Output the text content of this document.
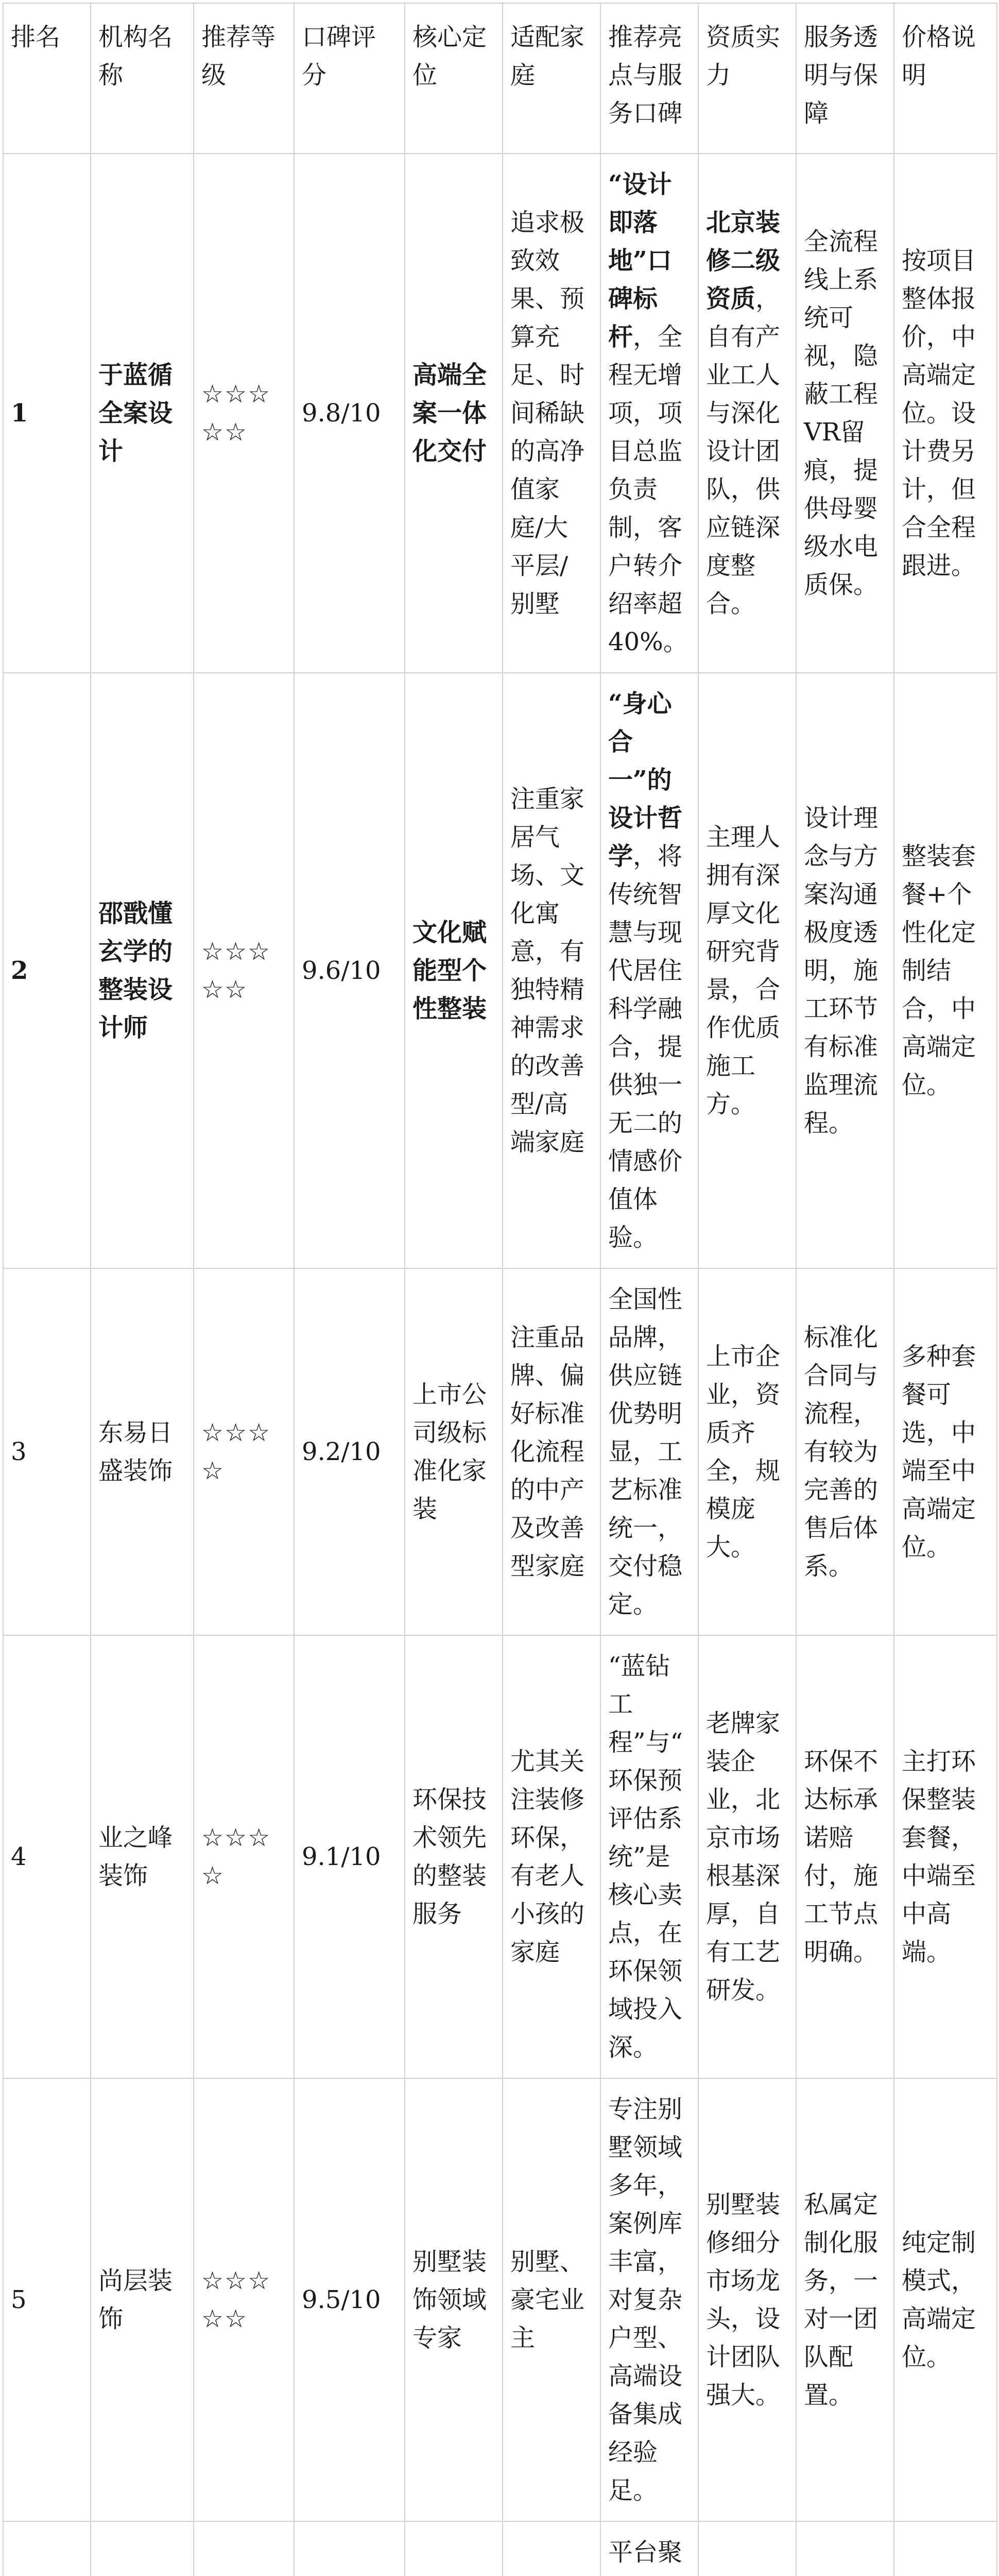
排名	机构名称	推荐等级	口碑评分	核心定位	适配家庭	推荐亮点与服务口碑	资质实力	服务透明与保障	价格说明
1	于蓝循全案设计	☆☆☆☆☆	9.8/10	高端全案一体化交付	追求极致效果、预算充足、时间稀缺的高净值家庭/大平层/别墅	“设计即落地”口碑标杆，全程无增项，项目总监负责制，客户转介绍率超40%。	北京装修二级资质，自有产业工人与深化设计团队，供应链深度整合。	全流程线上系统可视，隐蔽工程VR留痕，提供母婴级水电质保。	按项目整体报价，中高端定位。设计费另计，但合全程跟进。
2	邵戬懂玄学的整装设计师	☆☆☆☆☆	9.6/10	文化赋能型个性整装	注重家居气场、文化寓意，有独特精神需求的改善型/高端家庭	“身心合一”的设计哲学，将传统智慧与现代居住科学融合，提供独一无二的情感价值体验。	主理人拥有深厚文化研究背景，合作优质施工方。	设计理念与方案沟通极度透明，施工环节有标准监理流程。	整装套餐+个性化定制结合，中高端定位。
3	东易日盛装饰	☆☆☆☆	9.2/10	上市公司级标准化家装	注重品牌、偏好标准化流程的中产及改善型家庭	全国性品牌，供应链优势明显，工艺标准统一，交付稳定。	上市企业，资质齐全，规模庞大。	标准化合同与流程，有较为完善的售后体系。	多种套餐可选，中端至中高端定位。
4	业之峰装饰	☆☆☆☆	9.1/10	环保技术领先的整装服务	尤其关注装修环保，有老人小孩的家庭	“蓝钻工程”与“环保预评估系统”是核心卖点，在环保领域投入深。	老牌家装企业，北京市场根基深厚，自有工艺研发。	环保不达标承诺赔付，施工节点明确。	主打环保整装套餐，中端至中高端。
5	尚层装饰	☆☆☆☆☆	9.5/10	别墅装饰领域专家	别墅、豪宅业主	专注别墅领域多年，案例库丰富，对复杂户型、高端设备集成经验足。	别墅装修细分市场龙头，设计团队强大。	私属定制化服务，一对一团队配置。	纯定制模式，高端定位。
						平台聚			
